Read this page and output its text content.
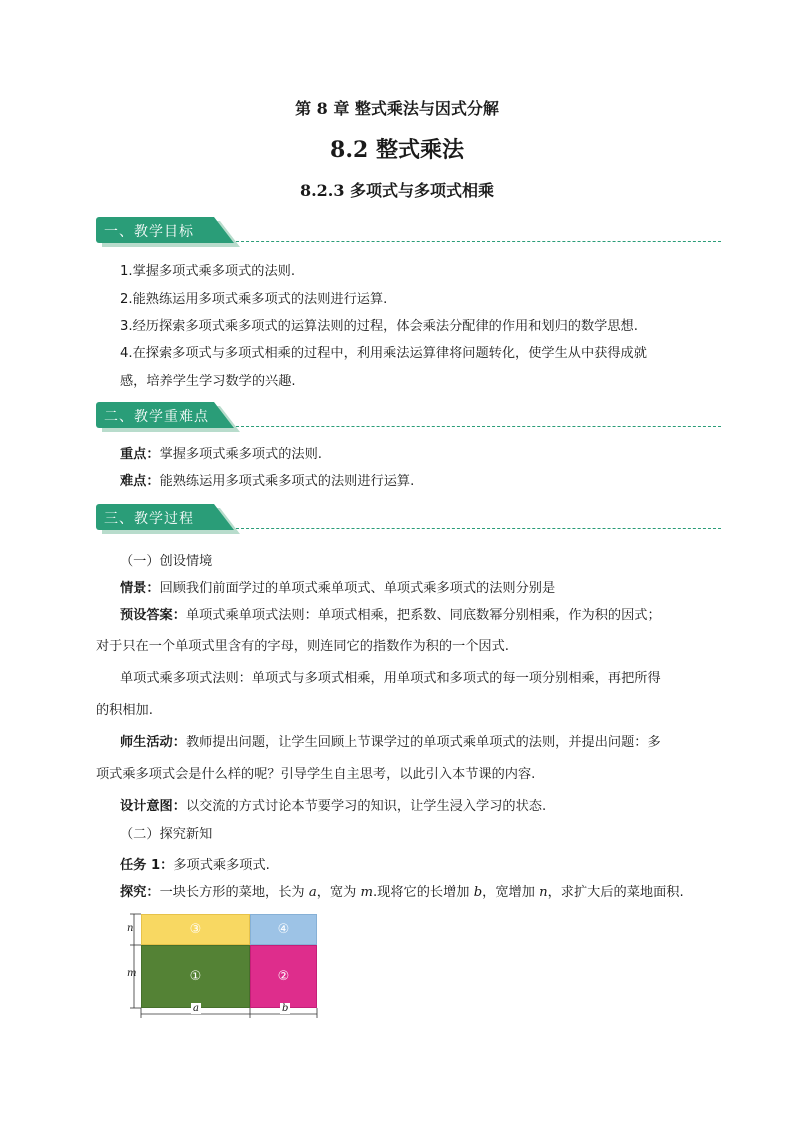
第 8 章 整式乘法与因式分解
8.2 整式乘法
8.2.3 多项式与多项式相乘
一、教学目标
1.掌握多项式乘多项式的法则.
2.能熟练运用多项式乘多项式的法则进行运算.
3.经历探索多项式乘多项式的运算法则的过程，体会乘法分配律的作用和划归的数学思想.
4.在探索多项式与多项式相乘的过程中，利用乘法运算律将问题转化，使学生从中获得成就
感，培养学生学习数学的兴趣.
二、教学重难点
重点：掌握多项式乘多项式的法则.
难点：能熟练运用多项式乘多项式的法则进行运算.
三、教学过程
（一）创设情境
情景：回顾我们前面学过的单项式乘单项式、单项式乘多项式的法则分别是
预设答案：单项式乘单项式法则：单项式相乘，把系数、同底数幂分别相乘，作为积的因式；
对于只在一个单项式里含有的字母，则连同它的指数作为积的一个因式.
单项式乘多项式法则：单项式与多项式相乘，用单项式和多项式的每一项分别相乘，再把所得
的积相加.
师生活动：教师提出问题，让学生回顾上节课学过的单项式乘单项式的法则，并提出问题：多
项式乘多项式会是什么样的呢？引导学生自主思考，以此引入本节课的内容.
设计意图：以交流的方式讨论本节要学习的知识，让学生浸入学习的状态.
（二）探究新知
任务 1：多项式乘多项式.
探究：一块长方形的菜地，长为 a，宽为 m.现将它的长增加 b，宽增加 n，求扩大后的菜地面积.
③	④
①	②
n
m
a	b
